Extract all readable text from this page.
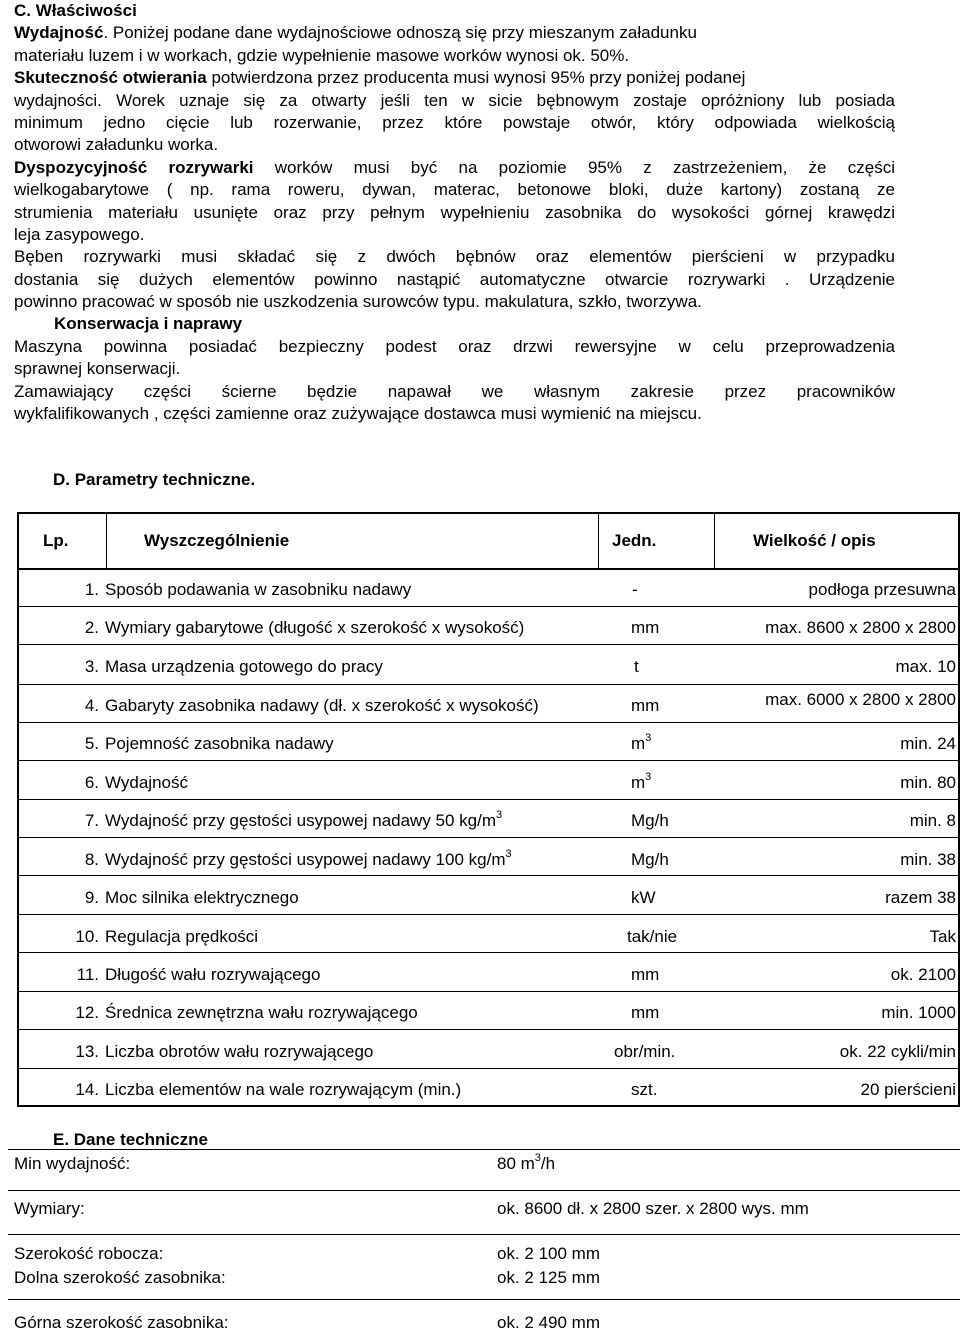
C. Właściwości
Wydajność. Poniżej podane dane wydajnościowe odnoszą się przy mieszanym załadunku
materiału luzem i w workach, gdzie wypełnienie masowe worków wynosi ok. 50%.
Skuteczność otwierania potwierdzona przez producenta musi wynosi 95% przy poniżej podanej
wydajności. Worek uznaje się za otwarty jeśli ten w sicie bębnowym zostaje opróżniony lub posiada
minimum jedno cięcie lub rozerwanie, przez które powstaje otwór, który odpowiada wielkością
otworowi załadunku worka.
Dyspozycyjność rozrywarki worków musi być na poziomie 95% z zastrzeżeniem, że części
wielkogabarytowe ( np. rama roweru, dywan, materac, betonowe bloki, duże kartony) zostaną ze
strumienia materiału usunięte oraz przy pełnym wypełnieniu zasobnika do wysokości górnej krawędzi
leja zasypowego.
Bęben rozrywarki musi składać się z dwóch bębnów oraz elementów pierścieni w przypadku
dostania się dużych elementów powinno nastąpić automatyczne otwarcie rozrywarki . Urządzenie
powinno pracować w sposób nie uszkodzenia surowców typu. makulatura, szkło, tworzywa.
Konserwacja i naprawy
Maszyna powinna posiadać bezpieczny podest oraz drzwi rewersyjne w celu przeprowadzenia
sprawnej konserwacji.
Zamawiający części ścierne będzie napawał we własnym zakresie przez pracowników
wykfalifikowanych , części zamienne oraz zużywające dostawca musi wymienić na miejscu.
D. Parametry techniczne.
Lp.	Wyszczególnienie	Jedn.	Wielkość / opis
1. Sposób podawania w zasobniku nadawy	-	podłoga przesuwna
2. Wymiary gabarytowe (długość x szerokość x wysokość)	mm	max. 8600 x 2800 x 2800
3. Masa urządzenia gotowego do pracy	t	max. 10
4. Gabaryty zasobnika nadawy (dł. x szerokość x wysokość)	mm	max. 6000 x 2800 x 2800
5. Pojemność zasobnika nadawy	$m^3$	min. 24
6. Wydajność	$m^3$	min. 80
7. Wydajność przy gęstości usypowej nadawy 50 $kg/m^3$	Mg/h	min. 8
8. Wydajność przy gęstości usypowej nadawy 100 $kg/m^3$	Mg/h	min. 38
9. Moc silnika elektrycznego	kW	razem 38
10. Regulacja prędkości	tak/nie	Tak
11. Długość wału rozrywającego	mm	ok. 2100
12. Średnica zewnętrzna wału rozrywającego	mm	min. 1000
13. Liczba obrotów wału rozrywającego	obr/min.	ok. 22 cykli/min
14. Liczba elementów na wale rozrywającym (min.)	szt.	20 pierścieni
E. Dane techniczne
Min wydajność:	80 $m^3/h$
Wymiary:	ok. 8600 dł. x 2800 szer. x 2800 wys. mm
Szerokość robocza:	ok. 2 100 mm
Dolna szerokość zasobnika:	ok. 2 125 mm
Górna szerokość zasobnika:	ok. 2 490 mm
